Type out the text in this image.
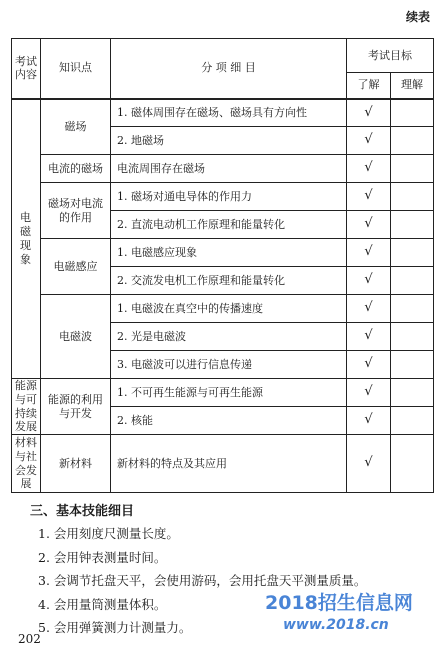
续表
考试内容	知识点	分 项 细 目	考试目标	
			了解	理解
电磁现象	磁场	1. 磁体周围存在磁场、磁场具有方向性	√	
		2. 地磁场	√	
	电流的磁场	电流周围存在磁场	√	
	磁场对电流的作用	1. 磁场对通电导体的作用力	√	
		2. 直流电动机工作原理和能量转化	√	
	电磁感应	1. 电磁感应现象	√	
		2. 交流发电机工作原理和能量转化	√	
	电磁波	1. 电磁波在真空中的传播速度	√	
		2. 光是电磁波	√	
		3. 电磁波可以进行信息传递	√	
能源与可持续发展	能源的利用与开发	1. 不可再生能源与可再生能源	√	
		2. 核能	√	
材料与社会发展	新材料	新材料的特点及其应用	√	
三、基本技能细目
1. 会用刻度尺测量长度。
2. 会用钟表测量时间。
3. 会调节托盘天平，会使用游码，会用托盘天平测量质量。
4. 会用量筒测量体积。
5. 会用弹簧测力计测量力。
202
2018招生信息网
www.2018.cn
